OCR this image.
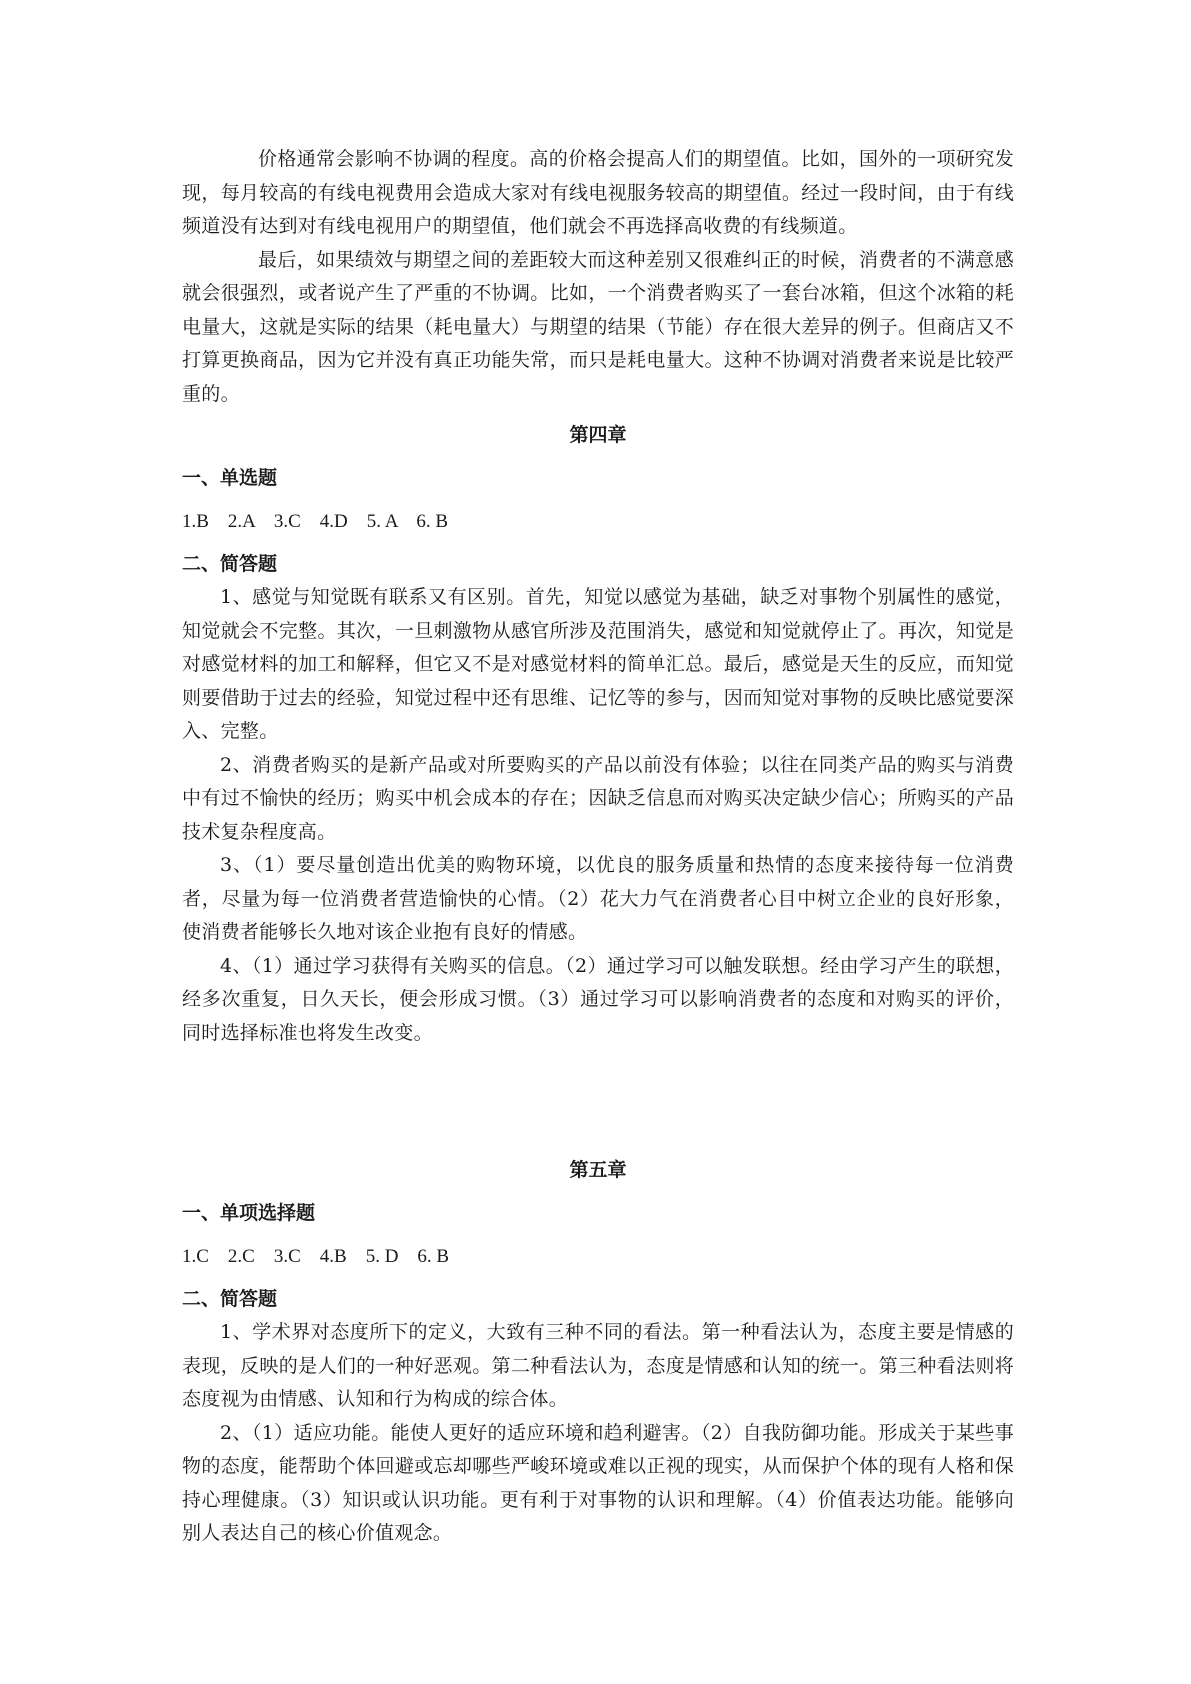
价格通常会影响不协调的程度。高的价格会提高人们的期望值。比如，国外的一项研究发现，每月较高的有线电视费用会造成大家对有线电视服务较高的期望值。经过一段时间，由于有线频道没有达到对有线电视用户的期望值，他们就会不再选择高收费的有线频道。

最后，如果绩效与期望之间的差距较大而这种差别又很难纠正的时候，消费者的不满意感就会很强烈，或者说产生了严重的不协调。比如，一个消费者购买了一套台冰箱，但这个冰箱的耗电量大，这就是实际的结果（耗电量大）与期望的结果（节能）存在很大差异的例子。但商店又不打算更换商品，因为它并没有真正功能失常，而只是耗电量大。这种不协调对消费者来说是比较严重的。

第四章
一、单选题
1.B    2.A    3.C    4.D    5. A    6. B
二、简答题

1、感觉与知觉既有联系又有区别。首先，知觉以感觉为基础，缺乏对事物个别属性的感觉，知觉就会不完整。其次，一旦刺激物从感官所涉及范围消失，感觉和知觉就停止了。再次，知觉是对感觉材料的加工和解释，但它又不是对感觉材料的简单汇总。最后，感觉是天生的反应，而知觉则要借助于过去的经验，知觉过程中还有思维、记忆等的参与，因而知觉对事物的反映比感觉要深入、完整。

2、消费者购买的是新产品或对所要购买的产品以前没有体验；以往在同类产品的购买与消费中有过不愉快的经历；购买中机会成本的存在；因缺乏信息而对购买决定缺少信心；所购买的产品技术复杂程度高。

3、（1）要尽量创造出优美的购物环境，以优良的服务质量和热情的态度来接待每一位消费者，尽量为每一位消费者营造愉快的心情。（2）花大力气在消费者心目中树立企业的良好形象，使消费者能够长久地对该企业抱有良好的情感。

4、（1）通过学习获得有关购买的信息。（2）通过学习可以触发联想。经由学习产生的联想，经多次重复，日久天长，便会形成习惯。（3）通过学习可以影响消费者的态度和对购买的评价，同时选择标准也将发生改变。

第五章
一、单项选择题
1.C    2.C    3.C    4.B    5. D    6. B
二、简答题

1、学术界对态度所下的定义，大致有三种不同的看法。第一种看法认为，态度主要是情感的表现，反映的是人们的一种好恶观。第二种看法认为，态度是情感和认知的统一。第三种看法则将态度视为由情感、认知和行为构成的综合体。

2、（1）适应功能。能使人更好的适应环境和趋利避害。（2）自我防御功能。形成关于某些事物的态度，能帮助个体回避或忘却哪些严峻环境或难以正视的现实，从而保护个体的现有人格和保持心理健康。（3）知识或认识功能。更有利于对事物的认识和理解。（4）价值表达功能。能够向别人表达自己的核心价值观念。
